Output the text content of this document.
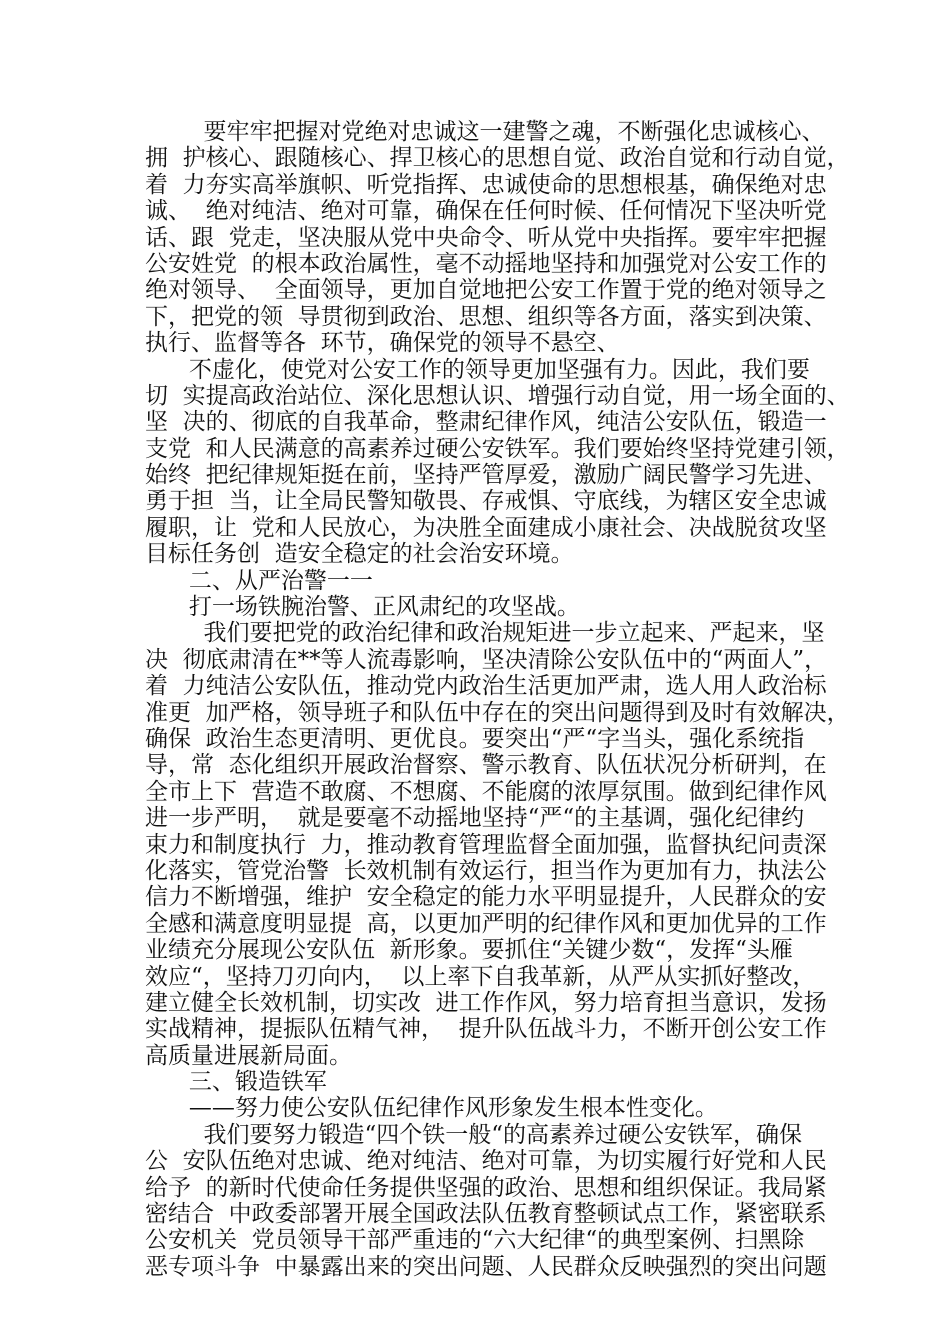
要牢牢把握对党绝对忠诚这一建警之魂，不断强化忠诚核心、
拥  护核心、跟随核心、捍卫核心的思想自觉、政治自觉和行动自觉，
着  力夯实高举旗帜、听党指挥、忠诚使命的思想根基，确保绝对忠
诚、  绝对纯洁、绝对可靠，确保在任何时候、任何情况下坚决听党
话、跟  党走，坚决服从党中央命令、听从党中央指挥。要牢牢把握
公安姓党  的根本政治属性，毫不动摇地坚持和加强党对公安工作的
绝对领导、  全面领导，更加自觉地把公安工作置于党的绝对领导之
下，把党的领  导贯彻到政治、思想、组织等各方面，落实到决策、
执行、监督等各  环节，确保党的领导不悬空、
不虚化，使党对公安工作的领导更加坚强有力。因此，我们要
切  实提高政治站位、深化思想认识、增强行动自觉，用一场全面的、
坚  决的、彻底的自我革命，整肃纪律作风，纯洁公安队伍，锻造一
支党  和人民满意的高素养过硬公安铁军。我们要始终坚持党建引领，
始终  把纪律规矩挺在前，坚持严管厚爱，激励广阔民警学习先进、
勇于担  当，让全局民警知敬畏、存戒惧、守底线，为辖区安全忠诚
履职，让  党和人民放心，为决胜全面建成小康社会、决战脱贫攻坚
目标任务创  造安全稳定的社会治安环境。
二、从严治警一一
打一场铁腕治警、正风肃纪的攻坚战。
我们要把党的政治纪律和政治规矩进一步立起来、严起来，坚
决  彻底肃清在**等人流毒影响，坚决清除公安队伍中的“两面人”，
着  力纯洁公安队伍，推动党内政治生活更加严肃，选人用人政治标
准更  加严格，领导班子和队伍中存在的突出问题得到及时有效解决，
确保  政治生态更清明、更优良。要突出“严“字当头，强化系统指
导，常  态化组织开展政治督察、警示教育、队伍状况分析研判，在
全市上下  营造不敢腐、不想腐、不能腐的浓厚氛围。做到纪律作风
进一步严明，  就是要毫不动摇地坚持“严“的主基调，强化纪律约
束力和制度执行  力，推动教育管理监督全面加强，监督执纪问责深
化落实，管党治警  长效机制有效运行，担当作为更加有力，执法公
信力不断增强，维护  安全稳定的能力水平明显提升，人民群众的安
全感和满意度明显提  高，以更加严明的纪律作风和更加优异的工作
业绩充分展现公安队伍  新形象。要抓住“关键少数“，发挥“头雁
效应“，坚持刀刃向内，  以上率下自我革新，从严从实抓好整改，
建立健全长效机制，切实改  进工作作风，努力培育担当意识，发扬
实战精神，提振队伍精气神，  提升队伍战斗力，不断开创公安工作
高质量进展新局面。
三、锻造铁军
——努力使公安队伍纪律作风形象发生根本性变化。
我们要努力锻造“四个铁一般“的高素养过硬公安铁军，确保
公  安队伍绝对忠诚、绝对纯洁、绝对可靠，为切实履行好党和人民
给予  的新时代使命任务提供坚强的政治、思想和组织保证。我局紧
密结合  中政委部署开展全国政法队伍教育整顿试点工作，紧密联系
公安机关  党员领导干部严重违的“六大纪律“的典型案例、扫黑除
恶专项斗争  中暴露出来的突出问题、人民群众反映强烈的突出问题
